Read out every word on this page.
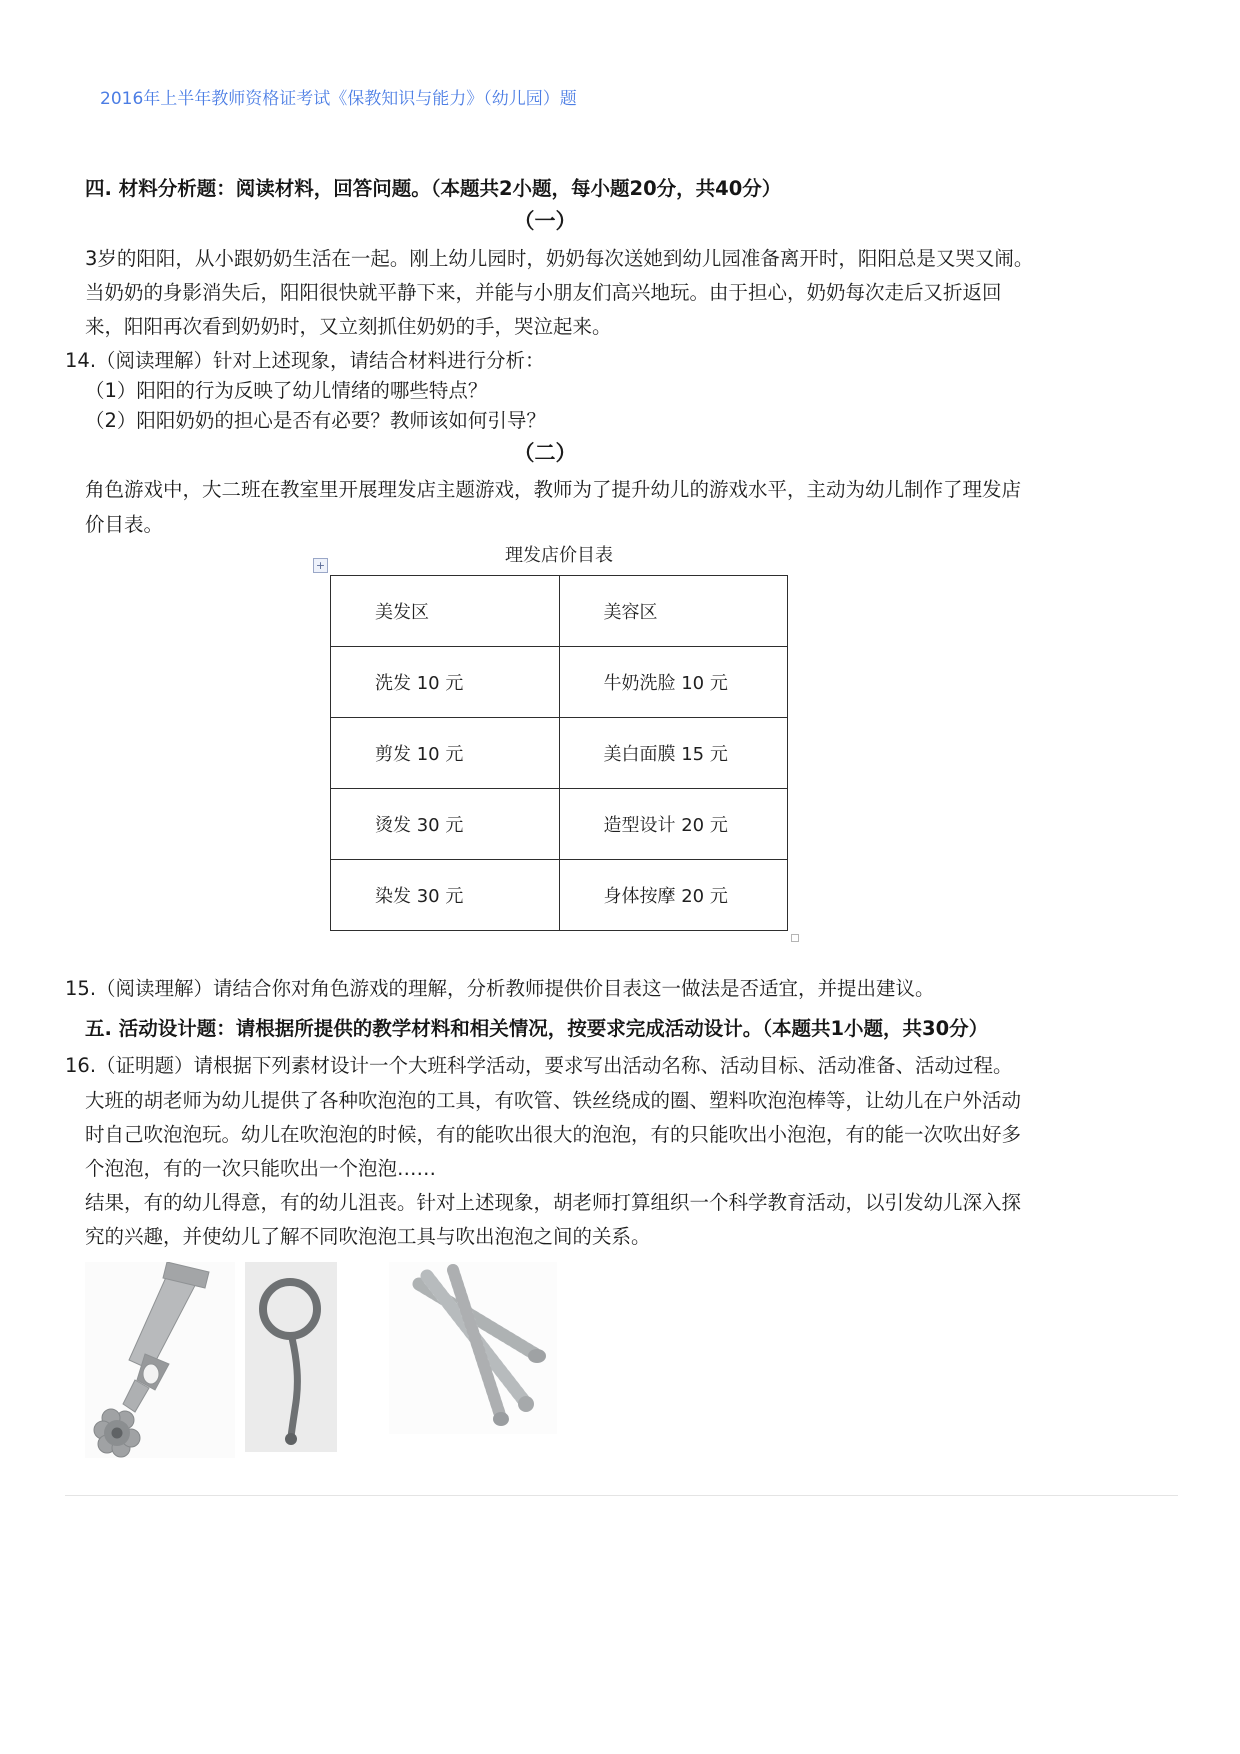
2016年上半年教师资格证考试《保教知识与能力》（幼儿园）题
四. 材料分析题：阅读材料，回答问题。（本题共2小题，每小题20分，共40分）
（一）

3岁的阳阳，从小跟奶奶生活在一起。刚上幼儿园时，奶奶每次送她到幼儿园准备离开时，阳阳总是又哭又闹。当奶奶的身影消失后，阳阳很快就平静下来，并能与小朋友们高兴地玩。由于担心，奶奶每次走后又折返回来，阳阳再次看到奶奶时，又立刻抓住奶奶的手，哭泣起来。

14.（阅读理解）针对上述现象，请结合材料进行分析：

（1）阳阳的行为反映了幼儿情绪的哪些特点？

（2）阳阳奶奶的担心是否有必要？教师该如何引导？

（二）

角色游戏中，大二班在教室里开展理发店主题游戏，教师为了提升幼儿的游戏水平，主动为幼儿制作了理发店价目表。

理发店价目表
+
美发区	美容区
洗发 10 元	牛奶洗脸 10 元
剪发 10 元	美白面膜 15 元
烫发 30 元	造型设计 20 元
染发 30 元	身体按摩 20 元

15.（阅读理解）请结合你对角色游戏的理解，分析教师提供价目表这一做法是否适宜，并提出建议。

五. 活动设计题：请根据所提供的教学材料和相关情况，按要求完成活动设计。（本题共1小题，共30分）

16.（证明题）请根据下列素材设计一个大班科学活动，要求写出活动名称、活动目标、活动准备、活动过程。

大班的胡老师为幼儿提供了各种吹泡泡的工具，有吹管、铁丝绕成的圈、塑料吹泡泡棒等，让幼儿在户外活动时自己吹泡泡玩。幼儿在吹泡泡的时候，有的能吹出很大的泡泡，有的只能吹出小泡泡，有的能一次吹出好多个泡泡，有的一次只能吹出一个泡泡……

结果，有的幼儿得意，有的幼儿沮丧。针对上述现象，胡老师打算组织一个科学教育活动，以引发幼儿深入探究的兴趣，并使幼儿了解不同吹泡泡工具与吹出泡泡之间的关系。
